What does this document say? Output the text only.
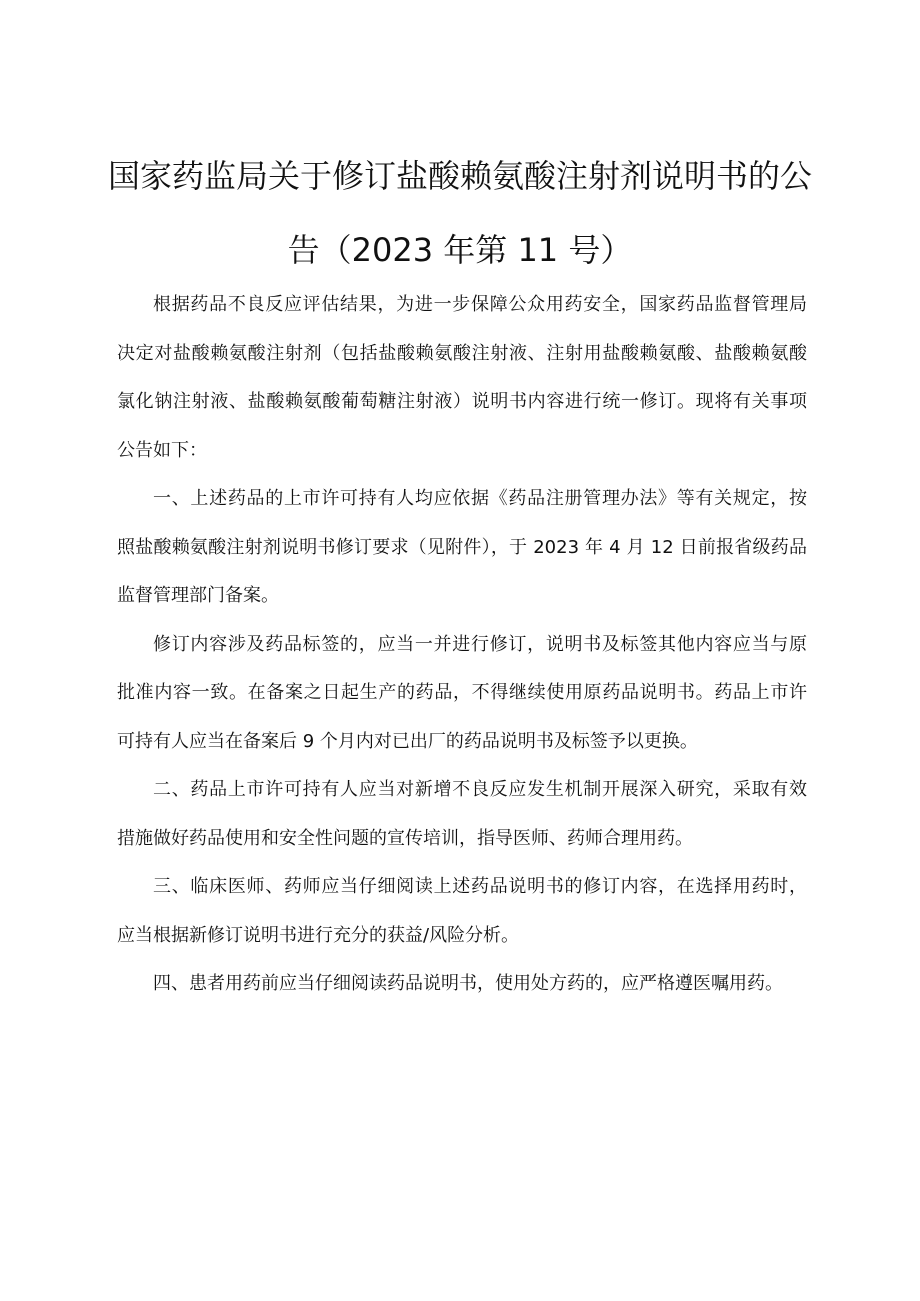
国家药监局关于修订盐酸赖氨酸注射剂说明书的公
告（2023 年第 11 号）
根据药品不良反应评估结果，为进一步保障公众用药安全，国家药品监督管理局
决定对盐酸赖氨酸注射剂（包括盐酸赖氨酸注射液、注射用盐酸赖氨酸、盐酸赖氨酸
氯化钠注射液、盐酸赖氨酸葡萄糖注射液）说明书内容进行统一修订。现将有关事项
公告如下：
一、上述药品的上市许可持有人均应依据《药品注册管理办法》等有关规定，按
照盐酸赖氨酸注射剂说明书修订要求（见附件），于 2023 年 4 月 12 日前报省级药品
监督管理部门备案。
修订内容涉及药品标签的，应当一并进行修订，说明书及标签其他内容应当与原
批准内容一致。在备案之日起生产的药品，不得继续使用原药品说明书。药品上市许
可持有人应当在备案后 9 个月内对已出厂的药品说明书及标签予以更换。
二、药品上市许可持有人应当对新增不良反应发生机制开展深入研究，采取有效
措施做好药品使用和安全性问题的宣传培训，指导医师、药师合理用药。
三、临床医师、药师应当仔细阅读上述药品说明书的修订内容，在选择用药时，
应当根据新修订说明书进行充分的获益/风险分析。
四、患者用药前应当仔细阅读药品说明书，使用处方药的，应严格遵医嘱用药。
